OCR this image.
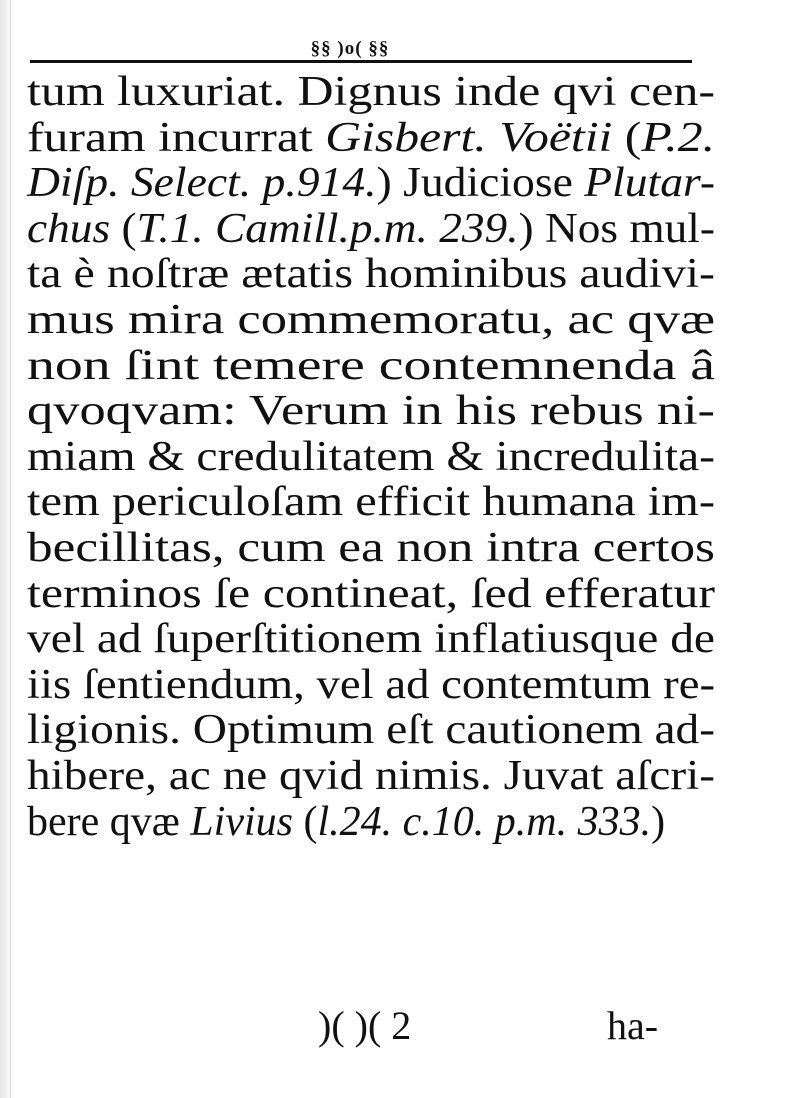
§§ )o( §§
tum luxuriat. Dignus inde qvi cen-
furam incurrat Gisbert. Voëtii (P.2.
Diſp. Select. p.914.) Judiciose Plutar-
chus (T.1. Camill.p.m. 239.) Nos mul-
ta è noſtræ ætatis hominibus audivi-
mus mira commemoratu, ac qvæ
non ſint temere contemnenda â
qvoqvam: Verum in his rebus ni-
miam & credulitatem & incredulita-
tem periculoſam efficit humana im-
becillitas, cum ea non intra certos
terminos ſe contineat, ſed efferatur
vel ad ſuperſtitionem inflatiusque de
iis ſentiendum, vel ad contemtum re-
ligionis. Optimum eſt cautionem ad-
hibere, ac ne qvid nimis. Juvat aſcri-
bere qvæ Livius (l.24. c.10. p.m. 333.)
)( )( 2	ha-
